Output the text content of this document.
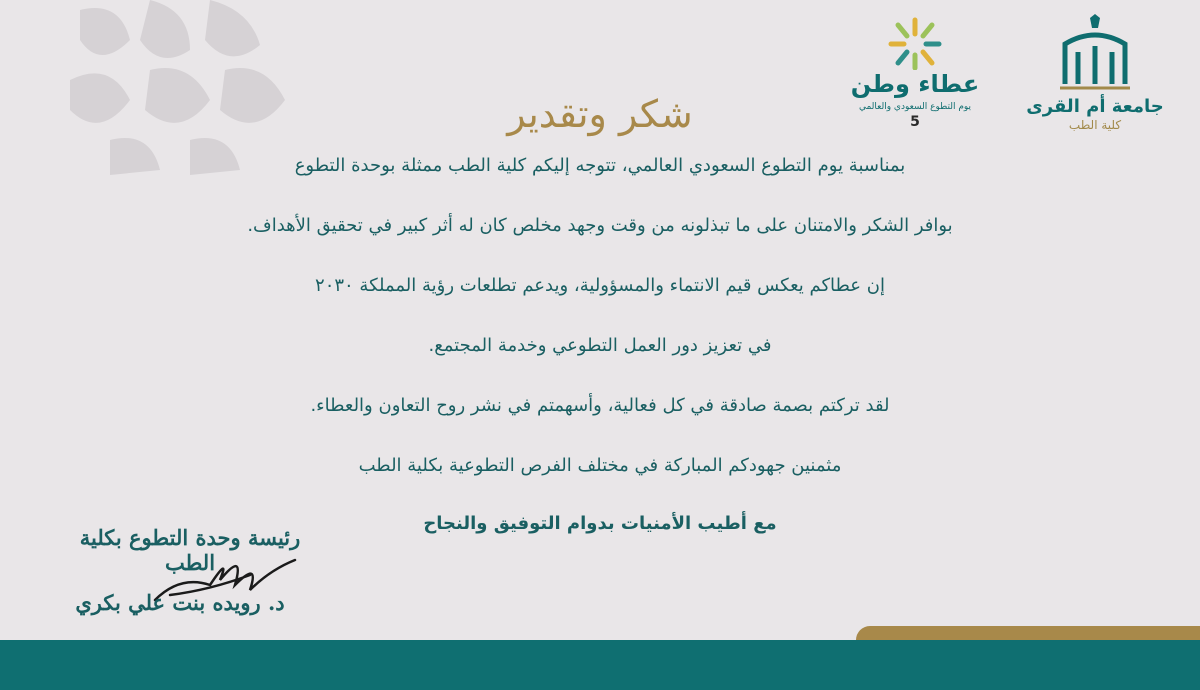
عطاء وطن
يوم التطوع السعودي والعالمي
5
جامعة أم القرى
كلية الطب
شكر وتقدير
بمناسبة يوم التطوع السعودي العالمي، تتوجه إليكم كلية الطب ممثلة بوحدة التطوع
بوافر الشكر والامتنان على ما تبذلونه من وقت وجهد مخلص كان له أثر كبير في تحقيق الأهداف.
إن عطاكم يعكس قيم الانتماء والمسؤولية، ويدعم تطلعات رؤية المملكة ٢٠٣٠
في تعزيز دور العمل التطوعي وخدمة المجتمع.
لقد تركتم بصمة صادقة في كل فعالية، وأسهمتم في نشر روح التعاون والعطاء.
مثمنين جهودكم المباركة في مختلف الفرص التطوعية بكلية الطب
مع أطيب الأمنيات بدوام التوفيق والنجاح
رئيسة وحدة التطوع بكلية الطب
د. رويده بنت علي بكري
